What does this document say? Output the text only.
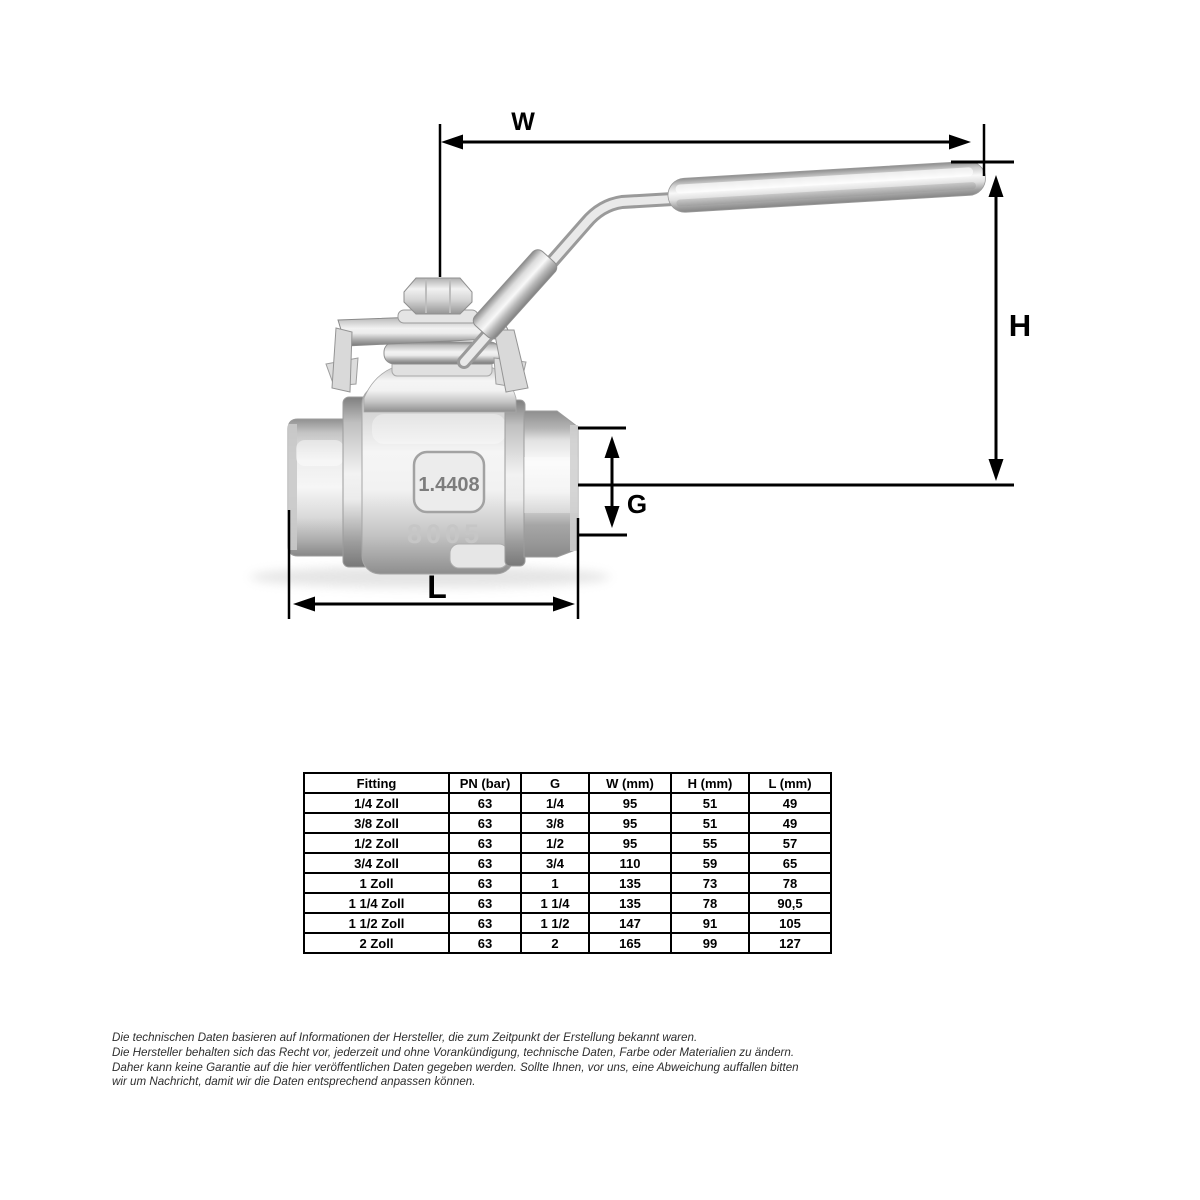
1.4408
8005
W
H
G
L
Fitting	PN (bar)	G	W (mm)	H (mm)	L (mm)
1/4 Zoll	63	1/4	95	51	49
3/8 Zoll	63	3/8	95	51	49
1/2 Zoll	63	1/2	95	55	57
3/4 Zoll	63	3/4	110	59	65
1 Zoll	63	1	135	73	78
1 1/4 Zoll	63	1 1/4	135	78	90,5
1 1/2 Zoll	63	1 1/2	147	91	105
2 Zoll	63	2	165	99	127
Die technischen Daten basieren auf Informationen der Hersteller, die zum Zeitpunkt der Erstellung bekannt waren.
Die Hersteller behalten sich das Recht vor, jederzeit und ohne Vorankündigung, technische Daten, Farbe oder Materialien zu ändern.
Daher kann keine Garantie auf die hier veröffentlichen Daten gegeben werden. Sollte Ihnen, vor uns, eine Abweichung auffallen bitten
wir um Nachricht, damit wir die Daten entsprechend anpassen können.
